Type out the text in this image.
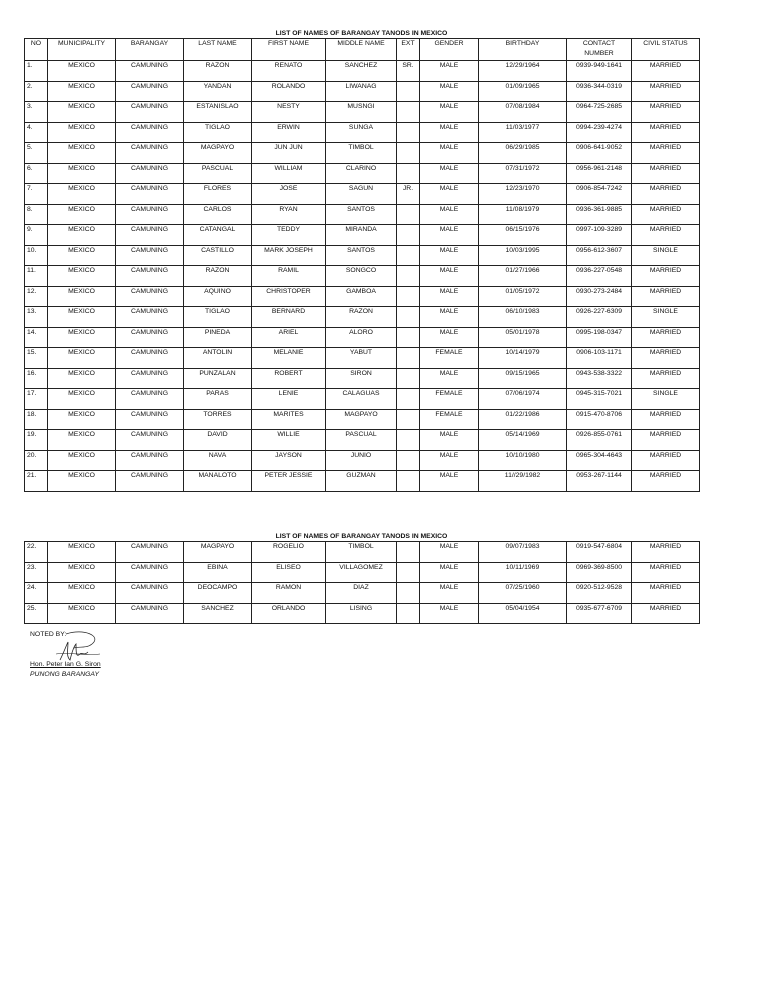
LIST OF NAMES OF BARANGAY TANODS IN MEXICO
NO	MUNICIPALITY	BARANGAY	LAST NAME	FIRST NAME	MIDDLE NAME	EXT	GENDER	BIRTHDAY	CONTACT NUMBER	CIVIL STATUS
1.	MEXICO	CAMUNING	RAZON	RENATO	SANCHEZ	SR.	MALE	12/29/1964	0939-949-1641	MARRIED
2.	MEXICO	CAMUNING	YANDAN	ROLANDO	LIWANAG		MALE	01/09/1965	0936-344-0319	MARRIED
3.	MEXICO	CAMUNING	ESTANISLAO	NESTY	MUSNGI		MALE	07/08/1984	0964-725-2685	MARRIED
4.	MEXICO	CAMUNING	TIGLAO	ERWIN	SUNGA		MALE	11/03/1977	0994-239-4274	MARRIED
5.	MEXICO	CAMUNING	MAGPAYO	JUN JUN	TIMBOL		MALE	06/29/1985	0906-641-9052	MARRIED
6.	MEXICO	CAMUNING	PASCUAL	WILLIAM	CLARINO		MALE	07/31/1972	0956-961-2148	MARRIED
7.	MEXICO	CAMUNING	FLORES	JOSE	SAGUN	JR.	MALE	12/23/1970	0906-854-7242	MARRIED
8.	MEXICO	CAMUNING	CARLOS	RYAN	SANTOS		MALE	11/08/1979	0936-361-9885	MARRIED
9.	MEXICO	CAMUNING	CATANGAL	TEDDY	MIRANDA		MALE	06/15/1976	0997-109-3289	MARRIED
10.	MEXICO	CAMUNING	CASTILLO	MARK JOSEPH	SANTOS		MALE	10/03/1995	0956-612-3607	SINGLE
11.	MEXICO	CAMUNING	RAZON	RAMIL	SONGCO		MALE	01/27/1966	0936-227-0548	MARRIED
12.	MEXICO	CAMUNING	AQUINO	CHRISTOPER	GAMBOA		MALE	01/05/1972	0930-273-2484	MARRIED
13.	MEXICO	CAMUNING	TIGLAO	BERNARD	RAZON		MALE	06/10/1983	0926-227-6309	SINGLE
14.	MEXICO	CAMUNING	PINEDA	ARIEL	ALORO		MALE	05/01/1978	0995-198-0347	MARRIED
15.	MEXICO	CAMUNING	ANTOLIN	MELANIE	YABUT		FEMALE	10/14/1979	0906-103-1171	MARRIED
16.	MEXICO	CAMUNING	PUNZALAN	ROBERT	SIRON		MALE	09/15/1965	0943-538-3322	MARRIED
17.	MEXICO	CAMUNING	PARAS	LENIE	CALAGUAS		FEMALE	07/06/1974	0945-315-7021	SINGLE
18.	MEXICO	CAMUNING	TORRES	MARITES	MAGPAYO		FEMALE	01/22/1986	0915-470-8706	MARRIED
19.	MEXICO	CAMUNING	DAVID	WILLIE	PASCUAL		MALE	05/14/1969	0926-855-0761	MARRIED
20.	MEXICO	CAMUNING	NAVA	JAYSON	JUNIO		MALE	10/10/1980	0965-304-4643	MARRIED
21.	MEXICO	CAMUNING	MANALOTO	PETER JESSIE	GUZMAN		MALE	11//29/1982	0953-267-1144	MARRIED
LIST OF NAMES OF BARANGAY TANODS IN MEXICO
22.	MEXICO	CAMUNING	MAGPAYO	ROGELIO	TIMBOL		MALE	09/07/1983	0919-547-6804	MARRIED
23.	MEXICO	CAMUNING	EBINA	ELISEO	VILLAGOMEZ		MALE	10/11/1969	0969-369-8500	MARRIED
24.	MEXICO	CAMUNING	DEOCAMPO	RAMON	DIAZ		MALE	07/25/1960	0920-512-9528	MARRIED
25.	MEXICO	CAMUNING	SANCHEZ	ORLANDO	LISING		MALE	05/04/1954	0935-677-6709	MARRIED
NOTED BY:
Hon. Peter Ian G. Siron
PUNONG BARANGAY
